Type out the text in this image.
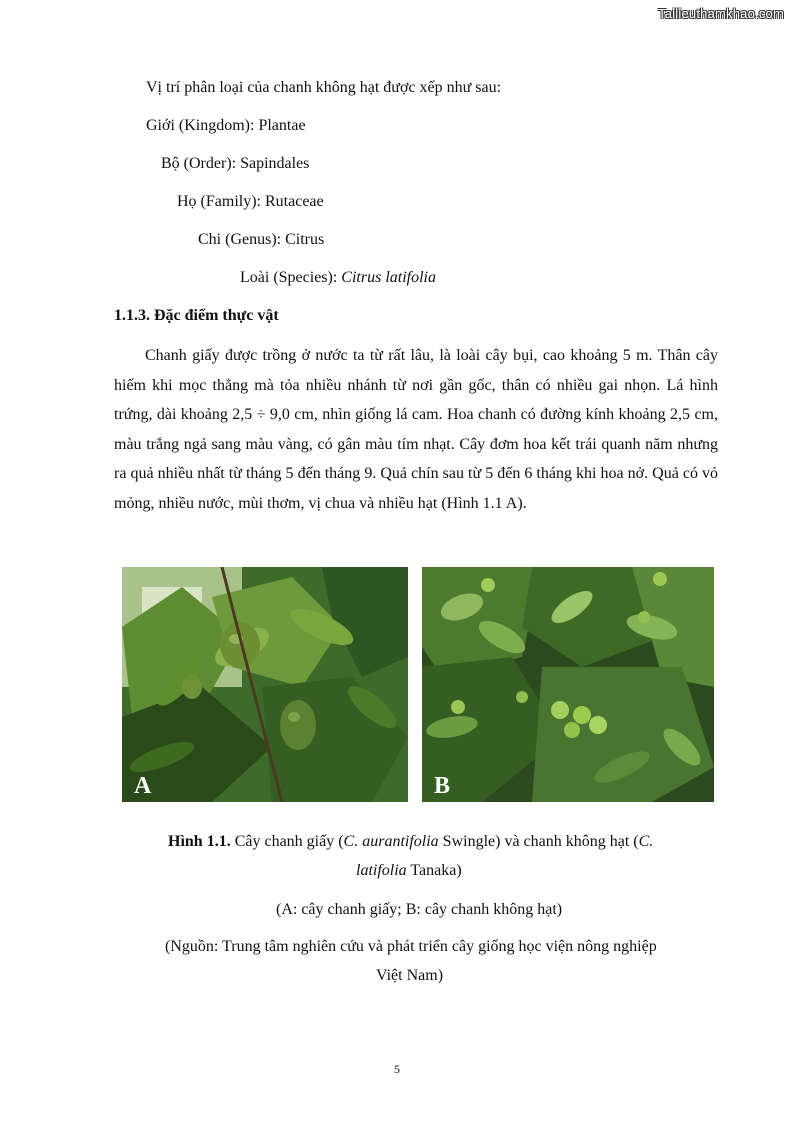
Tailieuthamkhao.com
Vị trí phân loại của chanh không hạt được xếp như sau:
Giới (Kingdom): Plantae
Bộ (Order): Sapindales
Họ (Family): Rutaceae
Chi (Genus): Citrus
Loài (Species): Citrus latifolia
1.1.3. Đặc điểm thực vật
Chanh giấy được trồng ở nước ta từ rất lâu, là loài cây bụi, cao khoảng 5 m. Thân cây hiếm khi mọc thẳng mà tỏa nhiều nhánh từ nơi gần gốc, thân có nhiều gai nhọn. Lá hình trứng, dài khoảng 2,5 ÷ 9,0 cm, nhìn giống lá cam. Hoa chanh có đường kính khoảng 2,5 cm, màu trắng ngả sang màu vàng, có gân màu tím nhạt. Cây đơm hoa kết trái quanh năm nhưng ra quả nhiều nhất từ tháng 5 đến tháng 9. Quả chín sau từ 5 đến 6 tháng khi hoa nở. Quả có vỏ mỏng, nhiều nước, mùi thơm, vị chua và nhiều hạt (Hình 1.1 A).
A	B
Hình 1.1. Cây chanh giấy (C. aurantifolia Swingle) và chanh không hạt (C.
latifolia Tanaka)
(A: cây chanh giấy; B: cây chanh không hạt)
(Nguồn: Trung tâm nghiên cứu và phát triển cây giống học viện nông nghiệp
Việt Nam)
5
